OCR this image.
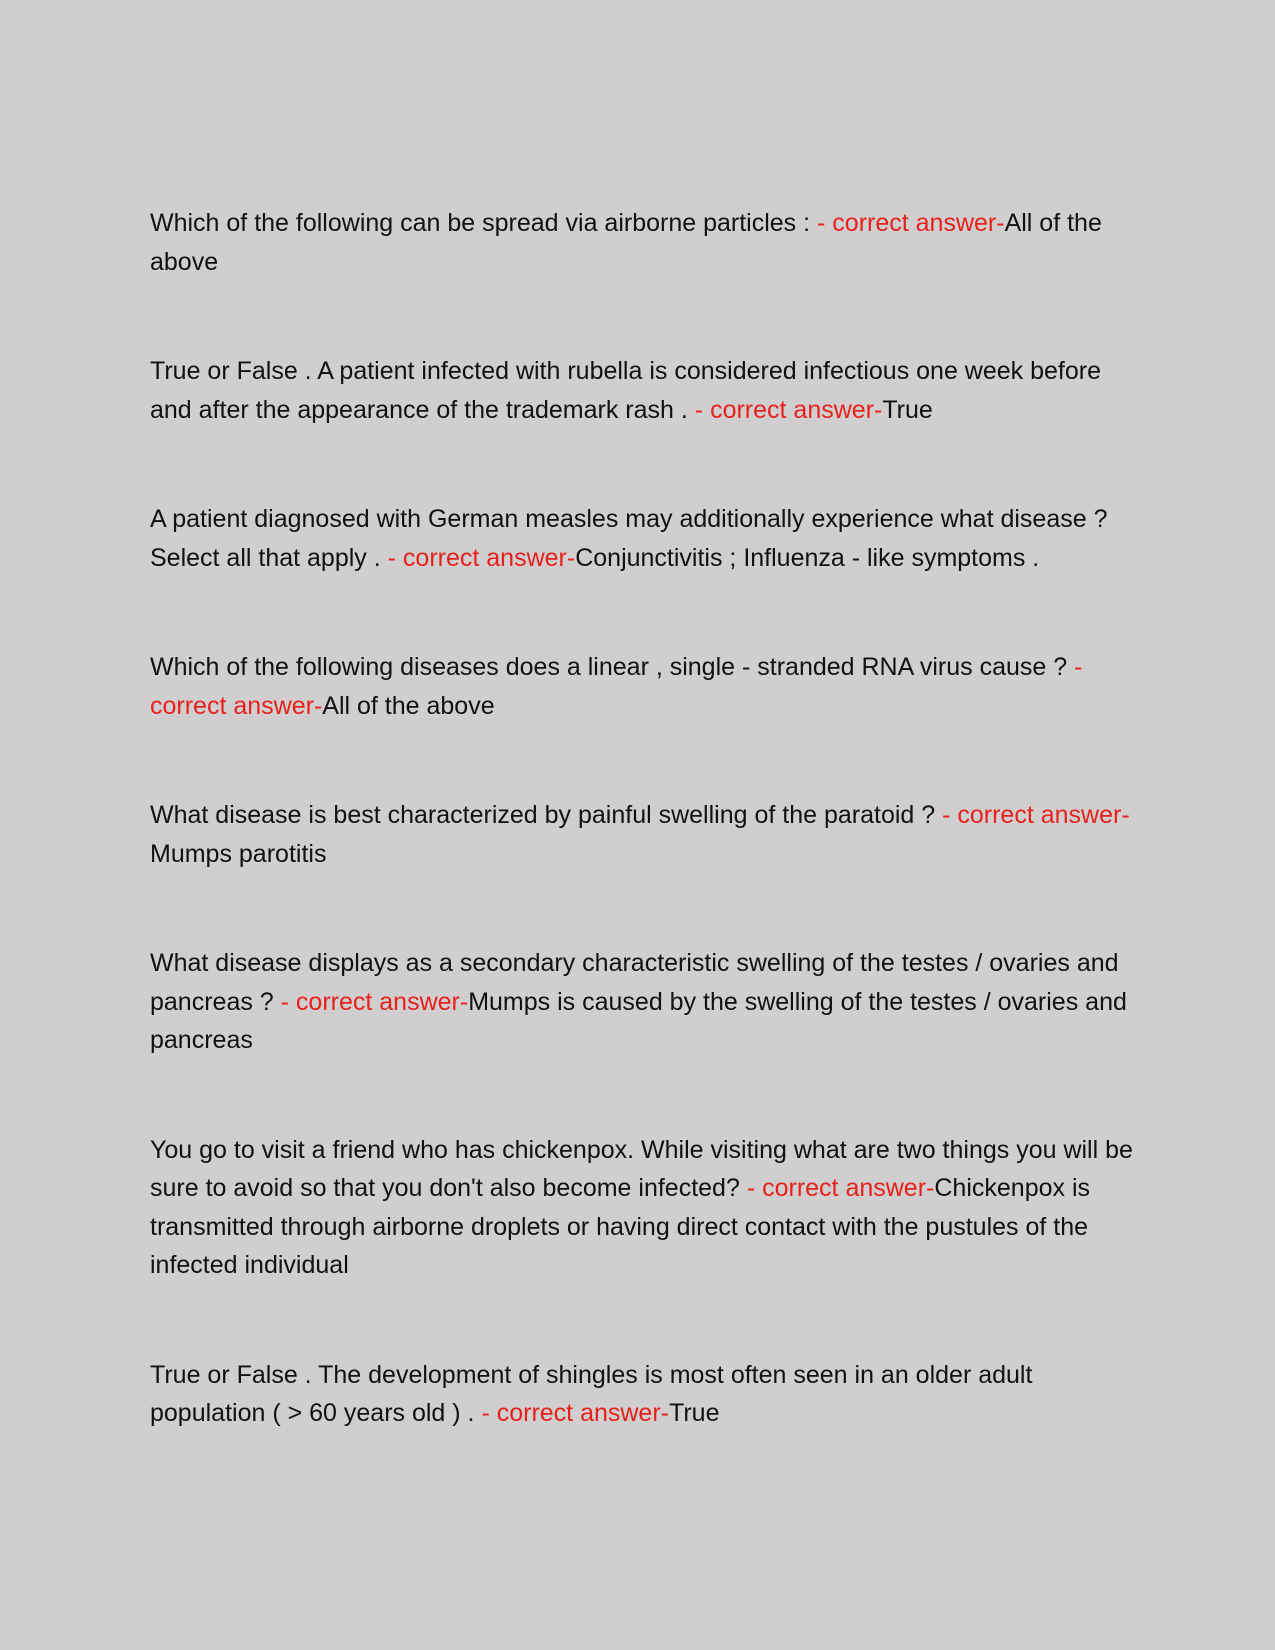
Which of the following can be spread via airborne particles : - correct answer-All of the above

True or False . A patient infected with rubella is considered infectious one week before and after the appearance of the trademark rash . - correct answer-True

A patient diagnosed with German measles may additionally experience what disease ? Select all that apply . - correct answer-Conjunctivitis ; Influenza - like symptoms .

Which of the following diseases does a linear , single - stranded RNA virus cause ? - correct answer-All of the above

What disease is best characterized by painful swelling of the paratoid ? - correct answer-Mumps parotitis

What disease displays as a secondary characteristic swelling of the testes / ovaries and pancreas ? - correct answer-Mumps is caused by the swelling of the testes / ovaries and pancreas

You go to visit a friend who has chickenpox. While visiting what are two things you will be sure to avoid so that you don't also become infected? - correct answer-Chickenpox is transmitted through airborne droplets or having direct contact with the pustules of the infected individual

True or False . The development of shingles is most often seen in an older adult population ( > 60 years old ) . - correct answer-True
